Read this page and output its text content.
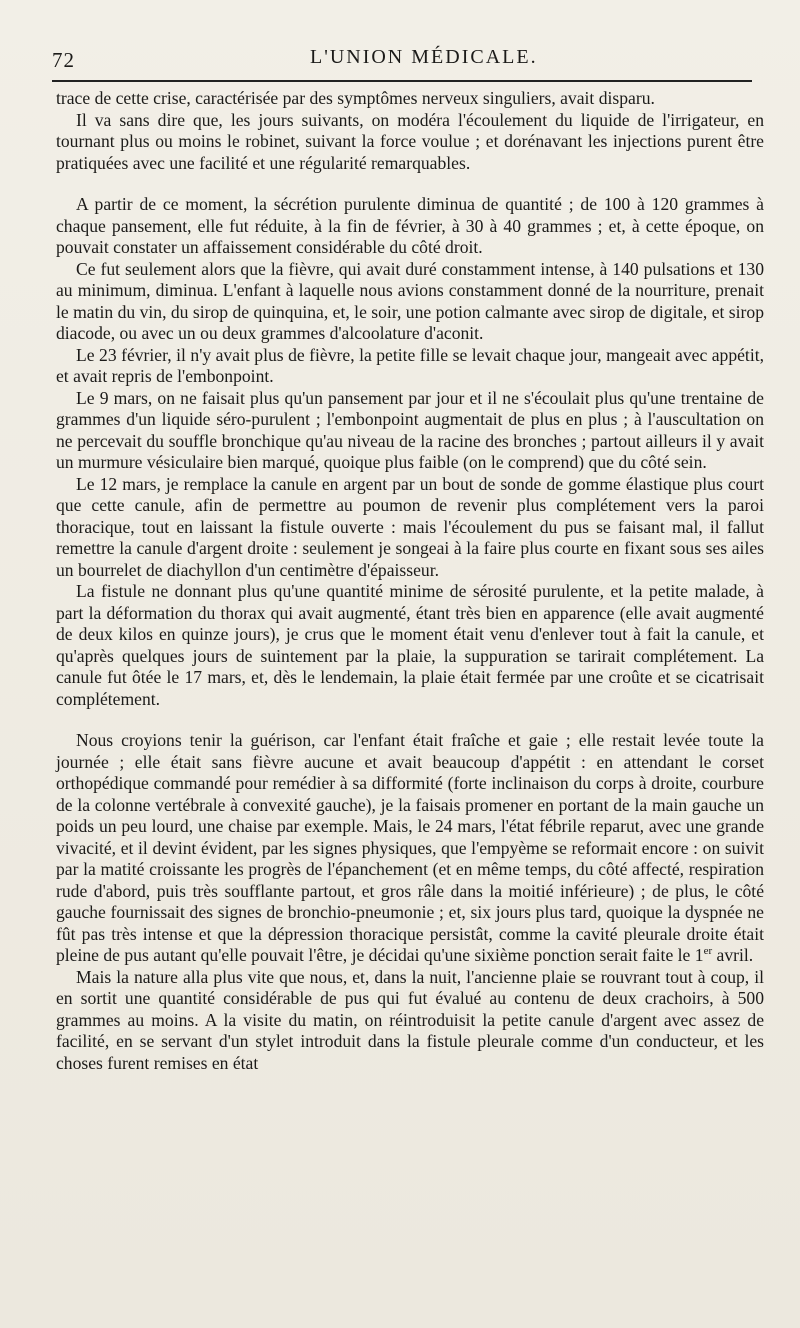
72	L'UNION MÉDICALE.

trace de cette crise, caractérisée par des symptômes nerveux singuliers, avait disparu.

Il va sans dire que, les jours suivants, on modéra l'écoulement du liquide de l'irrigateur, en tournant plus ou moins le robinet, suivant la force voulue ; et dorénavant les injections purent être pratiquées avec une facilité et une régularité remarquables.

A partir de ce moment, la sécrétion purulente diminua de quantité ; de 100 à 120 grammes à chaque pansement, elle fut réduite, à la fin de février, à 30 à 40 grammes ; et, à cette époque, on pouvait constater un affaissement considérable du côté droit.

Ce fut seulement alors que la fièvre, qui avait duré constamment intense, à 140 pulsations et 130 au minimum, diminua. L'enfant à laquelle nous avions constamment donné de la nourriture, prenait le matin du vin, du sirop de quinquina, et, le soir, une potion calmante avec sirop de digitale, et sirop diacode, ou avec un ou deux grammes d'alcoolature d'aconit.

Le 23 février, il n'y avait plus de fièvre, la petite fille se levait chaque jour, mangeait avec appétit, et avait repris de l'embonpoint.

Le 9 mars, on ne faisait plus qu'un pansement par jour et il ne s'écoulait plus qu'une trentaine de grammes d'un liquide séro-purulent ; l'embonpoint augmentait de plus en plus ; à l'auscultation on ne percevait du souffle bronchique qu'au niveau de la racine des bronches ; partout ailleurs il y avait un murmure vésiculaire bien marqué, quoique plus faible (on le comprend) que du côté sein.

Le 12 mars, je remplace la canule en argent par un bout de sonde de gomme élastique plus court que cette canule, afin de permettre au poumon de revenir plus complétement vers la paroi thoracique, tout en laissant la fistule ouverte : mais l'écoulement du pus se faisant mal, il fallut remettre la canule d'argent droite : seulement je songeai à la faire plus courte en fixant sous ses ailes un bourrelet de diachyllon d'un centimètre d'épaisseur.

La fistule ne donnant plus qu'une quantité minime de sérosité purulente, et la petite malade, à part la déformation du thorax qui avait augmenté, étant très bien en apparence (elle avait augmenté de deux kilos en quinze jours), je crus que le moment était venu d'enlever tout à fait la canule, et qu'après quelques jours de suintement par la plaie, la suppuration se tarirait complétement. La canule fut ôtée le 17 mars, et, dès le lendemain, la plaie était fermée par une croûte et se cicatrisait complétement.

Nous croyions tenir la guérison, car l'enfant était fraîche et gaie ; elle restait levée toute la journée ; elle était sans fièvre aucune et avait beaucoup d'appétit : en attendant le corset orthopédique commandé pour remédier à sa difformité (forte inclinaison du corps à droite, courbure de la colonne vertébrale à convexité gauche), je la faisais promener en portant de la main gauche un poids un peu lourd, une chaise par exemple. Mais, le 24 mars, l'état fébrile reparut, avec une grande vivacité, et il devint évident, par les signes physiques, que l'empyème se reformait encore : on suivit par la matité croissante les progrès de l'épanchement (et en même temps, du côté affecté, respiration rude d'abord, puis très soufflante partout, et gros râle dans la moitié inférieure) ; de plus, le côté gauche fournissait des signes de bronchio-pneumonie ; et, six jours plus tard, quoique la dyspnée ne fût pas très intense et que la dépression thoracique persistât, comme la cavité pleurale droite était pleine de pus autant qu'elle pouvait l'être, je décidai qu'une sixième ponction serait faite le 1er avril.

Mais la nature alla plus vite que nous, et, dans la nuit, l'ancienne plaie se rouvrant tout à coup, il en sortit une quantité considérable de pus qui fut évalué au contenu de deux crachoirs, à 500 grammes au moins. A la visite du matin, on réintroduisit la petite canule d'argent avec assez de facilité, en se servant d'un stylet introduit dans la fistule pleurale comme d'un conducteur, et les choses furent remises en état
